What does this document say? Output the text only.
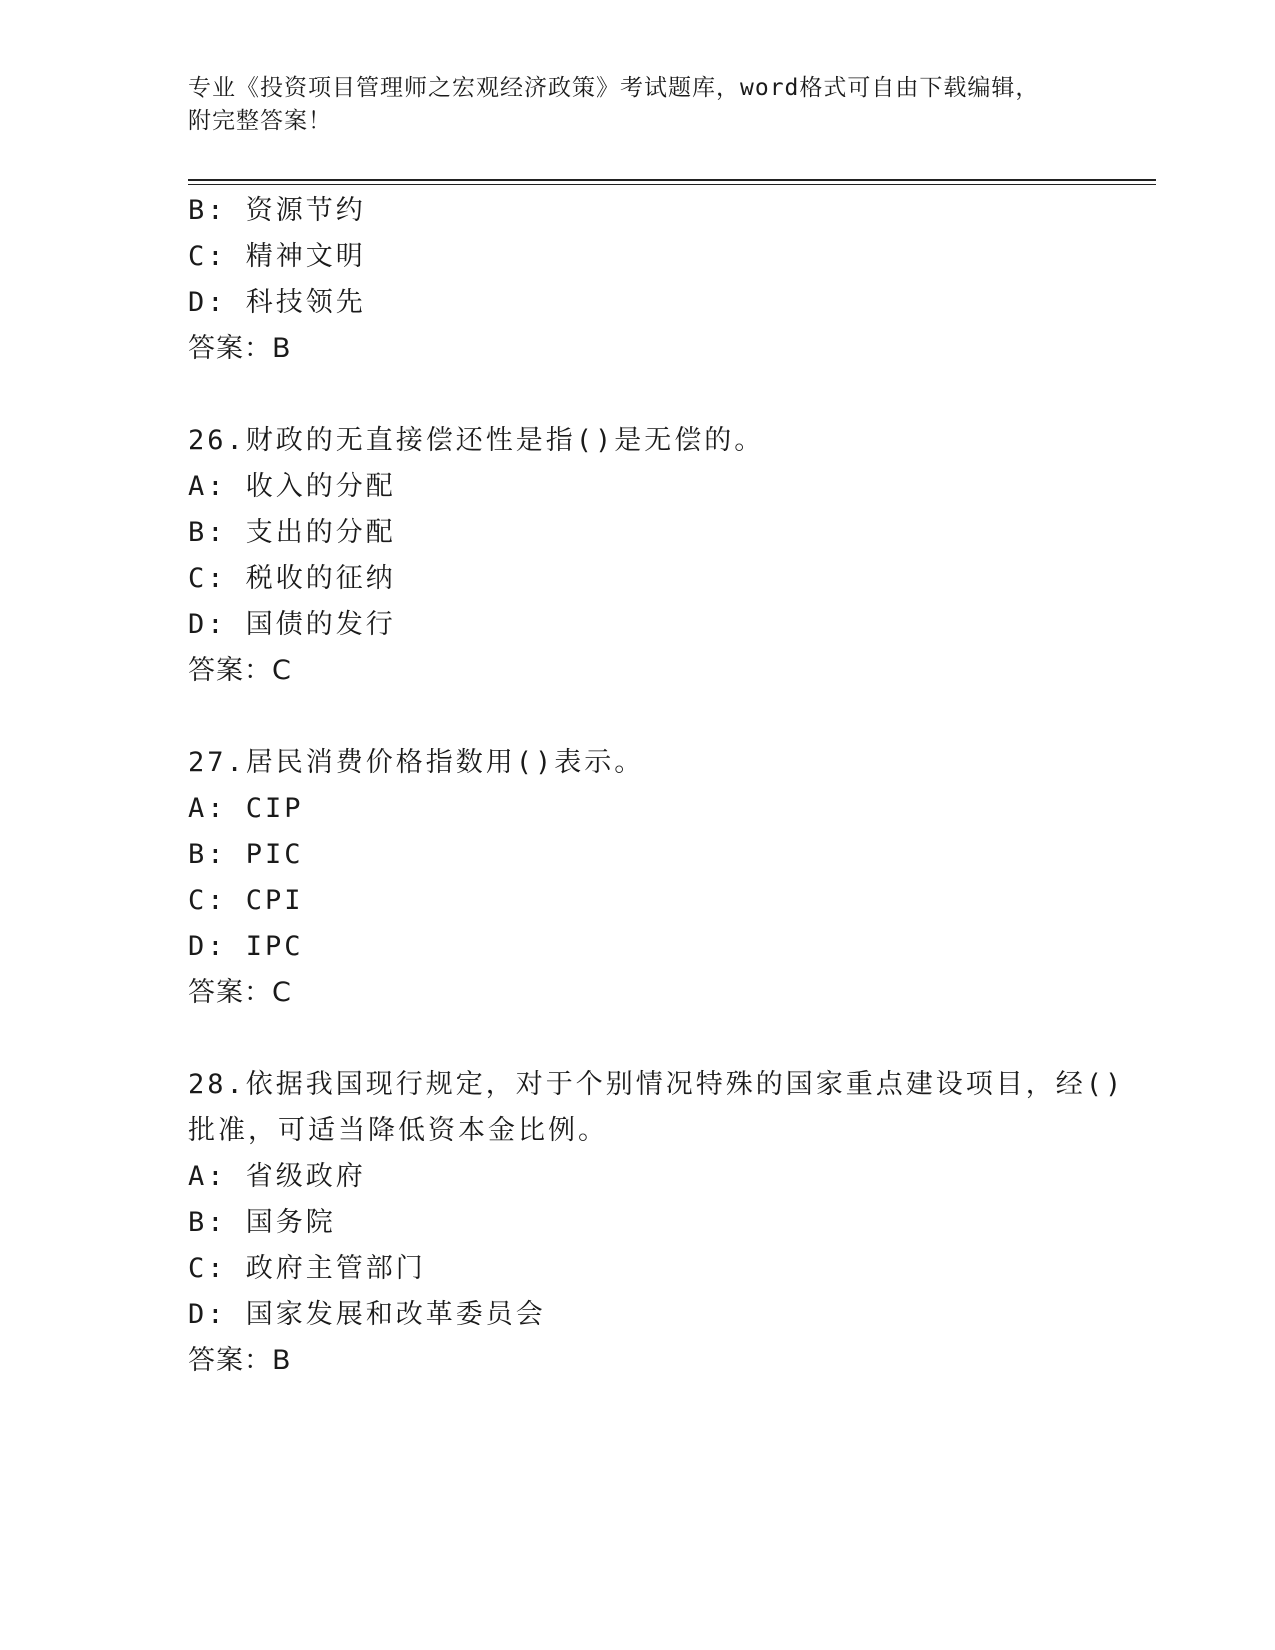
专业《投资项目管理师之宏观经济政策》考试题库，word格式可自由下载编辑，
附完整答案！
B: 资源节约
C: 精神文明
D: 科技领先
答案：B
26.财政的无直接偿还性是指()是无偿的。
A: 收入的分配
B: 支出的分配
C: 税收的征纳
D: 国债的发行
答案：C
27.居民消费价格指数用()表示。
A: CIP
B: PIC
C: CPI
D: IPC
答案：C
28.依据我国现行规定，对于个别情况特殊的国家重点建设项目，经()
批准，可适当降低资本金比例。
A: 省级政府
B: 国务院
C: 政府主管部门
D: 国家发展和改革委员会
答案：B
